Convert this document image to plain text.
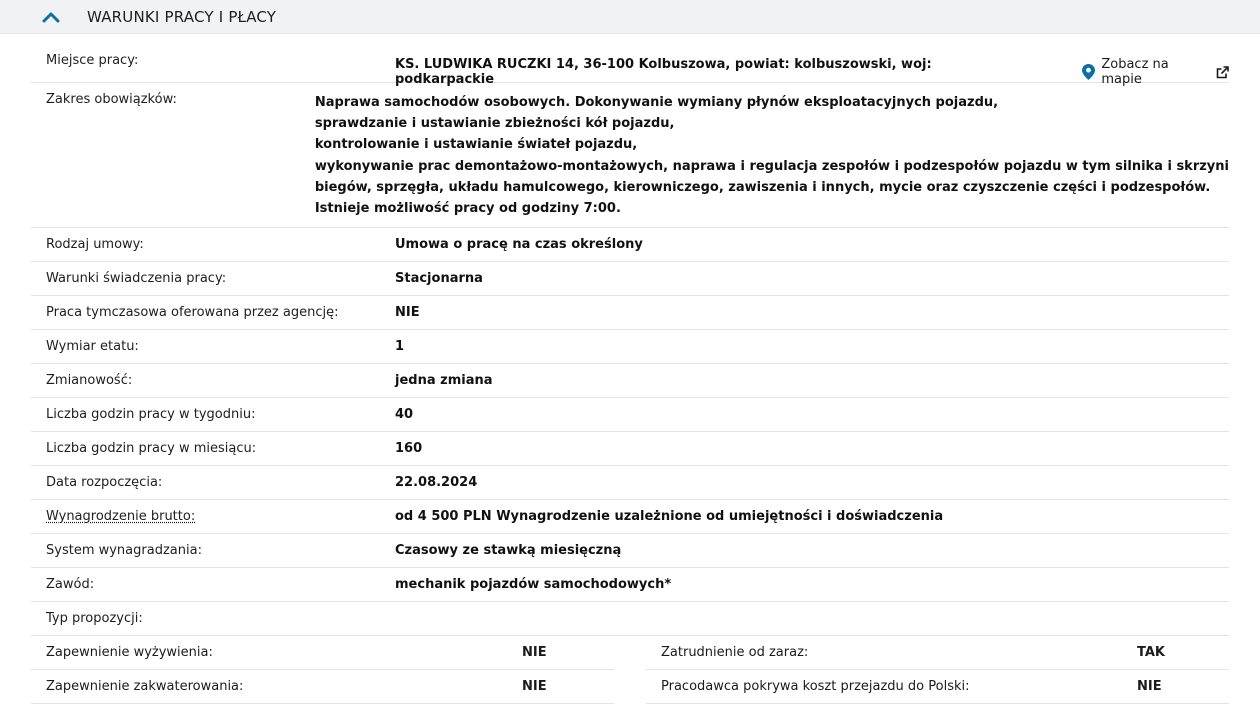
WARUNKI PRACY I PŁACY
Miejsce pracy:	KS. LUDWIKA RUCZKI 14, 36-100 Kolbuszowa, powiat: kolbuszowski, woj: podkarpackie
Zobacz na mapie
Zakres obowiązków:	Naprawa samochodów osobowych. Dokonywanie wymiany płynów eksploatacyjnych pojazdu,
sprawdzanie i ustawianie zbieżności kół pojazdu,
kontrolowanie i ustawianie świateł pojazdu,
wykonywanie prac demontażowo-montażowych, naprawa i regulacja zespołów i podzespołów pojazdu w tym silnika i skrzyni
biegów, sprzęgła, układu hamulcowego, kierowniczego, zawiszenia i innych, mycie oraz czyszczenie części i podzespołów.
Istnieje możliwość pracy od godziny 7:00.
Rodzaj umowy:	Umowa o pracę na czas określony
Warunki świadczenia pracy:	Stacjonarna
Praca tymczasowa oferowana przez agencję:	NIE
Wymiar etatu:	1
Zmianowość:	jedna zmiana
Liczba godzin pracy w tygodniu:	40
Liczba godzin pracy w miesiącu:	160
Data rozpoczęcia:	22.08.2024
Wynagrodzenie brutto:	od 4 500 PLN Wynagrodzenie uzależnione od umiejętności i doświadczenia
System wynagradzania:	Czasowy ze stawką miesięczną
Zawód:	mechanik pojazdów samochodowych*
Typ propozycji:
Zapewnienie wyżywienia:	NIE
Zapewnienie zakwaterowania:	NIE
Zatrudnienie od zaraz:	TAK
Pracodawca pokrywa koszt przejazdu do Polski:	NIE
